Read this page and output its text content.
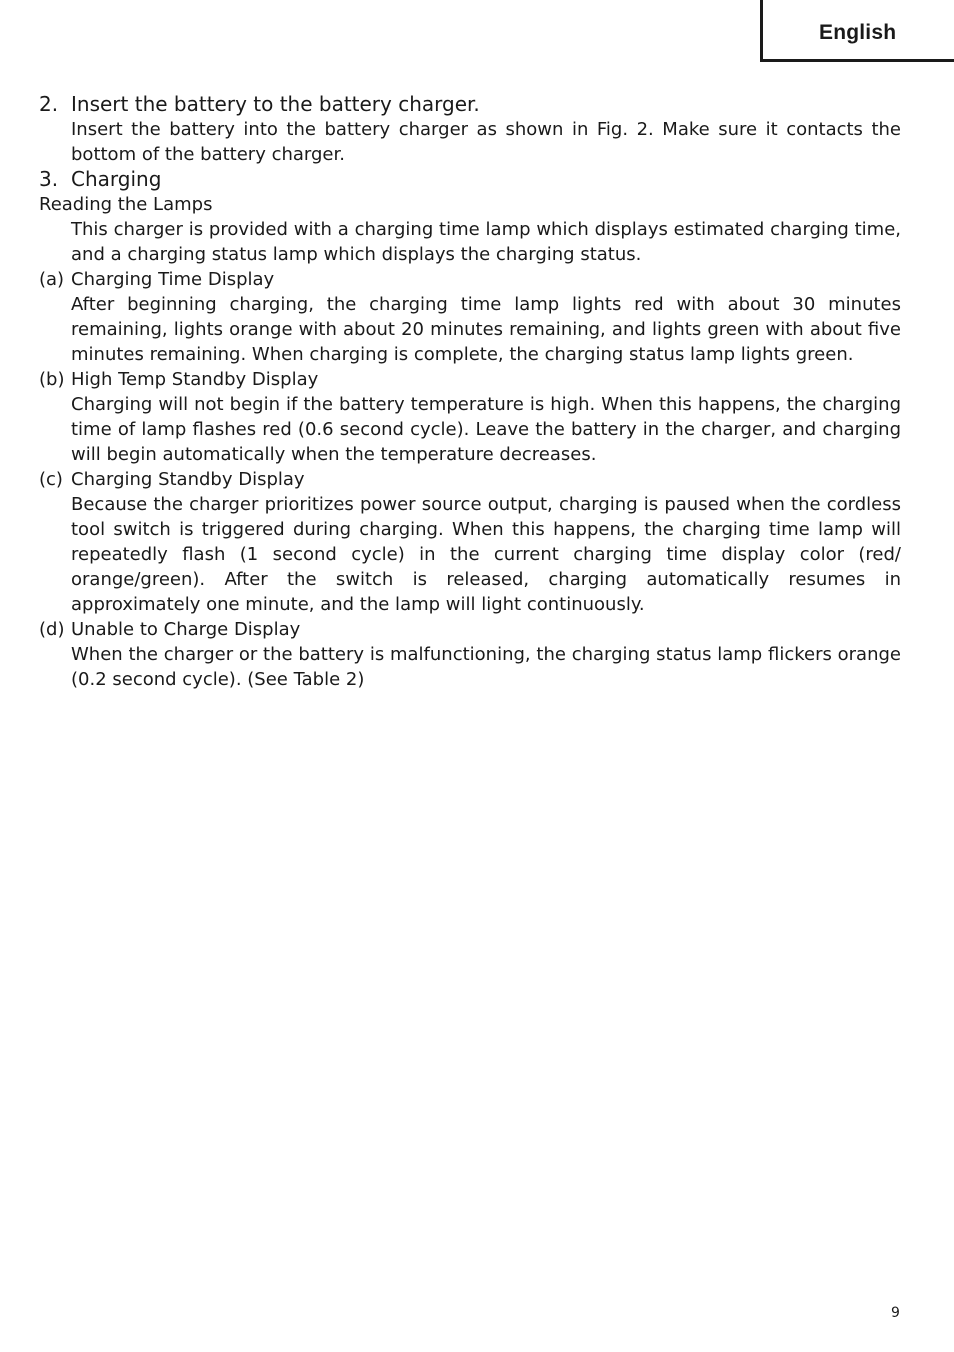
English
2. Insert the battery to the battery charger.
Insert the battery into the battery charger as shown in Fig. 2. Make sure it contacts the bottom of the battery charger.
3. Charging
Reading the Lamps
This charger is provided with a charging time lamp which displays estimated charging time, and a charging status lamp which displays the charging status.
(a) Charging Time Display
After beginning charging, the charging time lamp lights red with about 30 minutes remaining, lights orange with about 20 minutes remaining, and lights green with about five minutes remaining. When charging is complete, the charging status lamp lights green.
(b) High Temp Standby Display
Charging will not begin if the battery temperature is high. When this happens, the charging time of lamp flashes red (0.6 second cycle). Leave the battery in the charger, and charging will begin automatically when the temperature decreases.
(c) Charging Standby Display
Because the charger prioritizes power source output, charging is paused when the cordless tool switch is triggered during charging. When this happens, the charging time lamp will repeatedly flash (1 second cycle) in the current charging time display color (red/ orange/green). After the switch is released, charging automatically resumes in approximately one minute, and the lamp will light continuously.
(d) Unable to Charge Display
When the charger or the battery is malfunctioning, the charging status lamp flickers orange (0.2 second cycle). (See Table 2)
9
